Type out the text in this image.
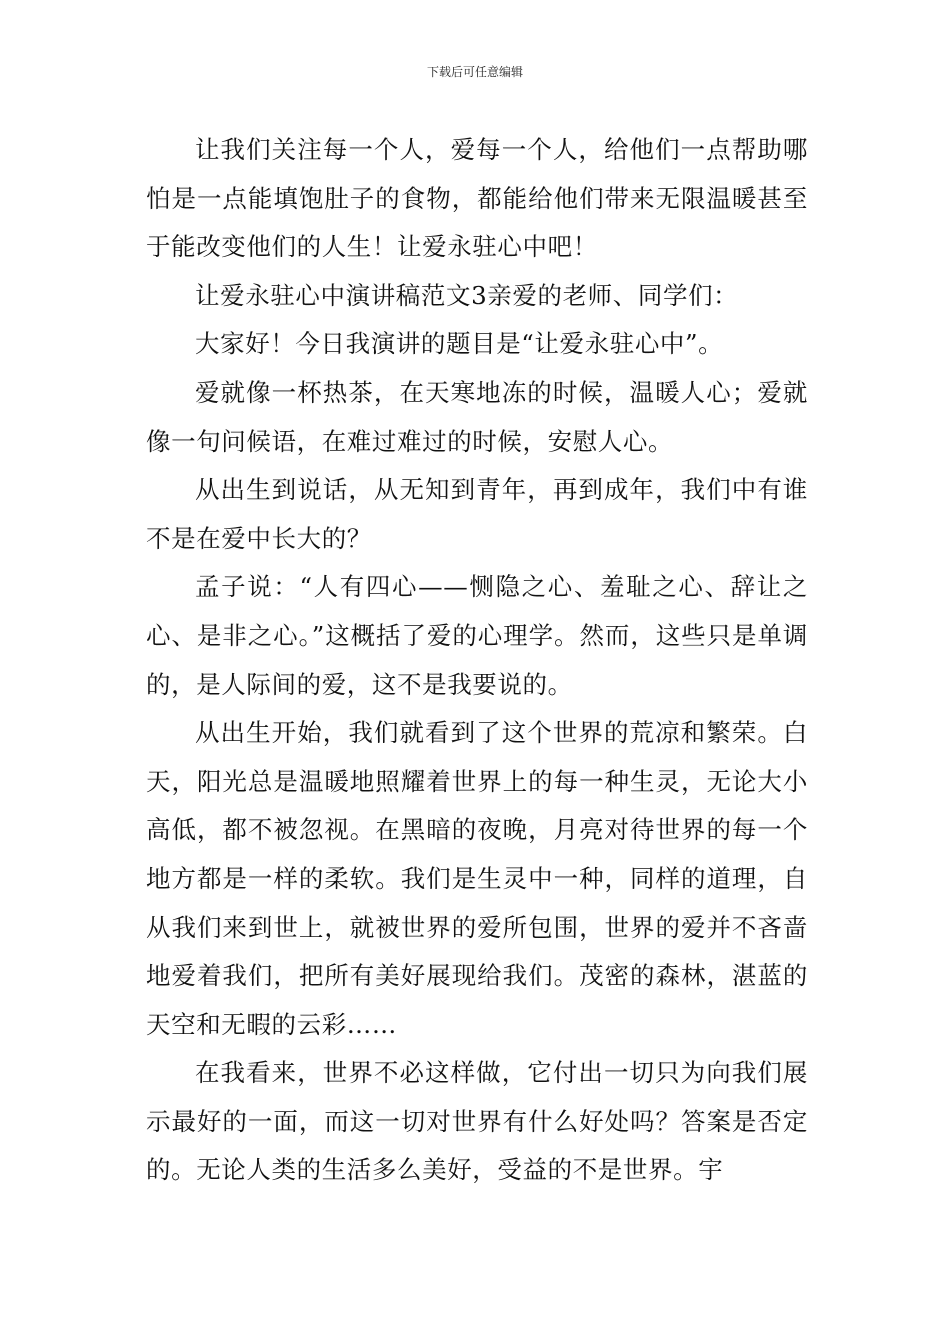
下载后可任意编辑

让我们关注每一个人，爱每一个人，给他们一点帮助哪怕是一点能填饱肚子的食物，都能给他们带来无限温暖甚至于能改变他们的人生！让爱永驻心中吧！

让爱永驻心中演讲稿范文3亲爱的老师、同学们：

大家好！今日我演讲的题目是“让爱永驻心中”。

爱就像一杯热茶，在天寒地冻的时候，温暖人心；爱就像一句问候语，在难过难过的时候，安慰人心。

从出生到说话，从无知到青年，再到成年，我们中有谁不是在爱中长大的？

孟子说：“人有四心——恻隐之心、羞耻之心、辞让之心、是非之心。”这概括了爱的心理学。然而，这些只是单调的，是人际间的爱，这不是我要说的。

从出生开始，我们就看到了这个世界的荒凉和繁荣。白天，阳光总是温暖地照耀着世界上的每一种生灵，无论大小高低，都不被忽视。在黑暗的夜晚，月亮对待世界的每一个地方都是一样的柔软。我们是生灵中一种，同样的道理，自从我们来到世上，就被世界的爱所包围，世界的爱并不吝啬地爱着我们，把所有美好展现给我们。茂密的森林，湛蓝的天空和无暇的云彩……

在我看来，世界不必这样做，它付出一切只为向我们展示最好的一面，而这一切对世界有什么好处吗？答案是否定的。无论人类的生活多么美好，受益的不是世界。宇
